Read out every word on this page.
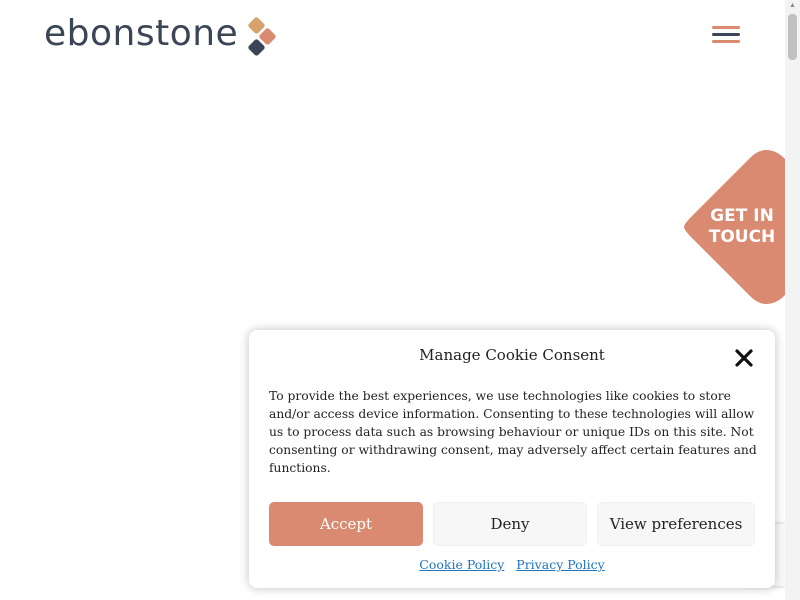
ebonstone
GET IN
TOUCH
Manage Cookie Consent
To provide the best experiences, we use technologies like cookies to store and/or access device information. Consenting to these technologies will allow us to process data such as browsing behaviour or unique IDs on this site. Not consenting or withdrawing consent, may adversely affect certain features and functions.
Accept	Deny	View preferences
Cookie Policy Privacy Policy
▲
